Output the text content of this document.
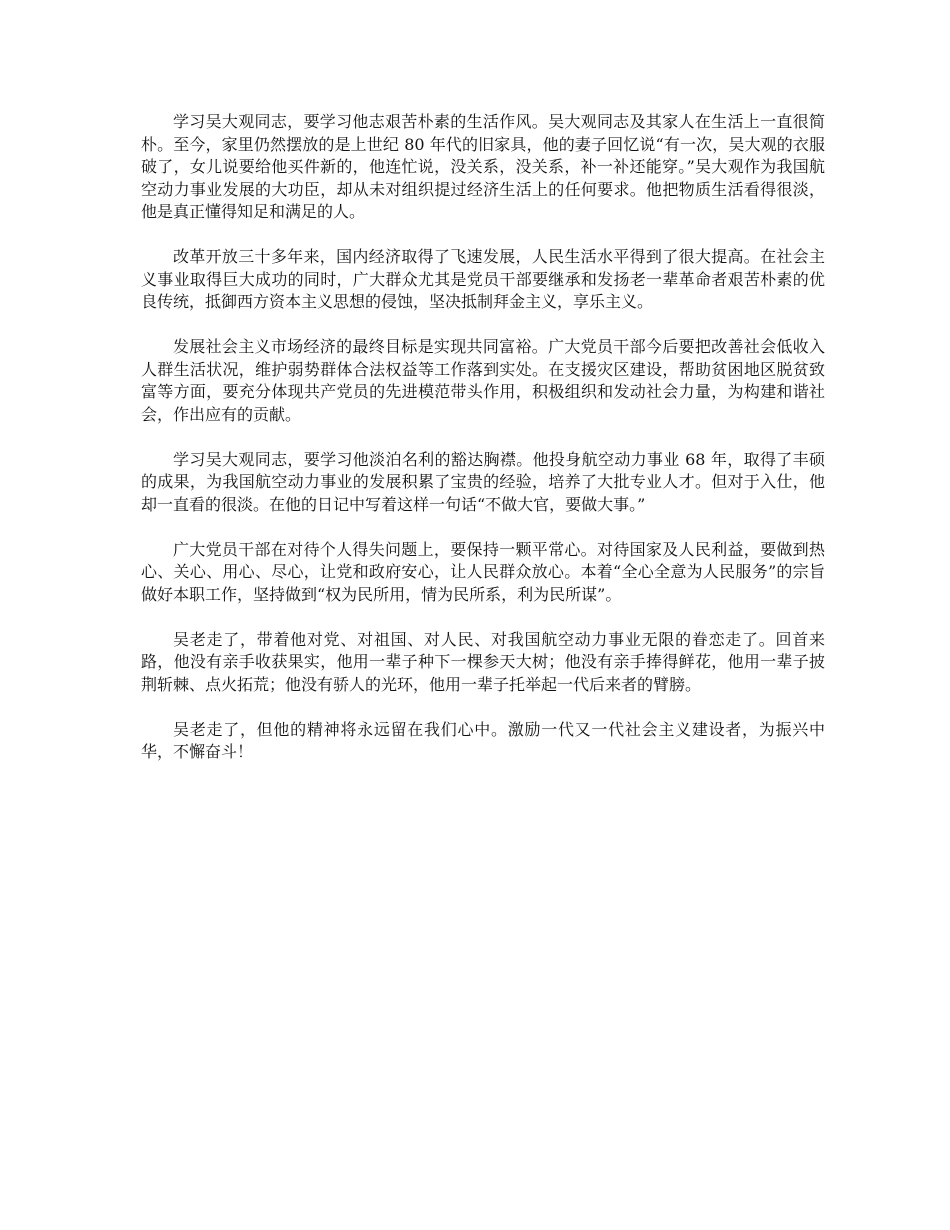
学习吴大观同志，要学习他志艰苦朴素的生活作风。吴大观同志及其家人在生活上一直很简朴。至今，家里仍然摆放的是上世纪 80 年代的旧家具，他的妻子回忆说“有一次，吴大观的衣服破了，女儿说要给他买件新的，他连忙说，没关系，没关系，补一补还能穿。”吴大观作为我国航空动力事业发展的大功臣，却从未对组织提过经济生活上的任何要求。他把物质生活看得很淡，他是真正懂得知足和满足的人。

改革开放三十多年来，国内经济取得了飞速发展，人民生活水平得到了很大提高。在社会主义事业取得巨大成功的同时，广大群众尤其是党员干部要继承和发扬老一辈革命者艰苦朴素的优良传统，抵御西方资本主义思想的侵蚀，坚决抵制拜金主义，享乐主义。

发展社会主义市场经济的最终目标是实现共同富裕。广大党员干部今后要把改善社会低收入人群生活状况，维护弱势群体合法权益等工作落到实处。在支援灾区建设，帮助贫困地区脱贫致富等方面，要充分体现共产党员的先进模范带头作用，积极组织和发动社会力量，为构建和谐社会，作出应有的贡献。

学习吴大观同志，要学习他淡泊名利的豁达胸襟。他投身航空动力事业 68 年，取得了丰硕的成果，为我国航空动力事业的发展积累了宝贵的经验，培养了大批专业人才。但对于入仕，他却一直看的很淡。在他的日记中写着这样一句话“不做大官，要做大事。”

广大党员干部在对待个人得失问题上，要保持一颗平常心。对待国家及人民利益，要做到热心、关心、用心、尽心，让党和政府安心，让人民群众放心。本着“全心全意为人民服务”的宗旨做好本职工作，坚持做到“权为民所用，情为民所系，利为民所谋”。

吴老走了，带着他对党、对祖国、对人民、对我国航空动力事业无限的眷恋走了。回首来路，他没有亲手收获果实，他用一辈子种下一棵参天大树；他没有亲手捧得鲜花，他用一辈子披荆斩棘、点火拓荒；他没有骄人的光环，他用一辈子托举起一代后来者的臂膀。

吴老走了，但他的精神将永远留在我们心中。激励一代又一代社会主义建设者，为振兴中华，不懈奋斗！
